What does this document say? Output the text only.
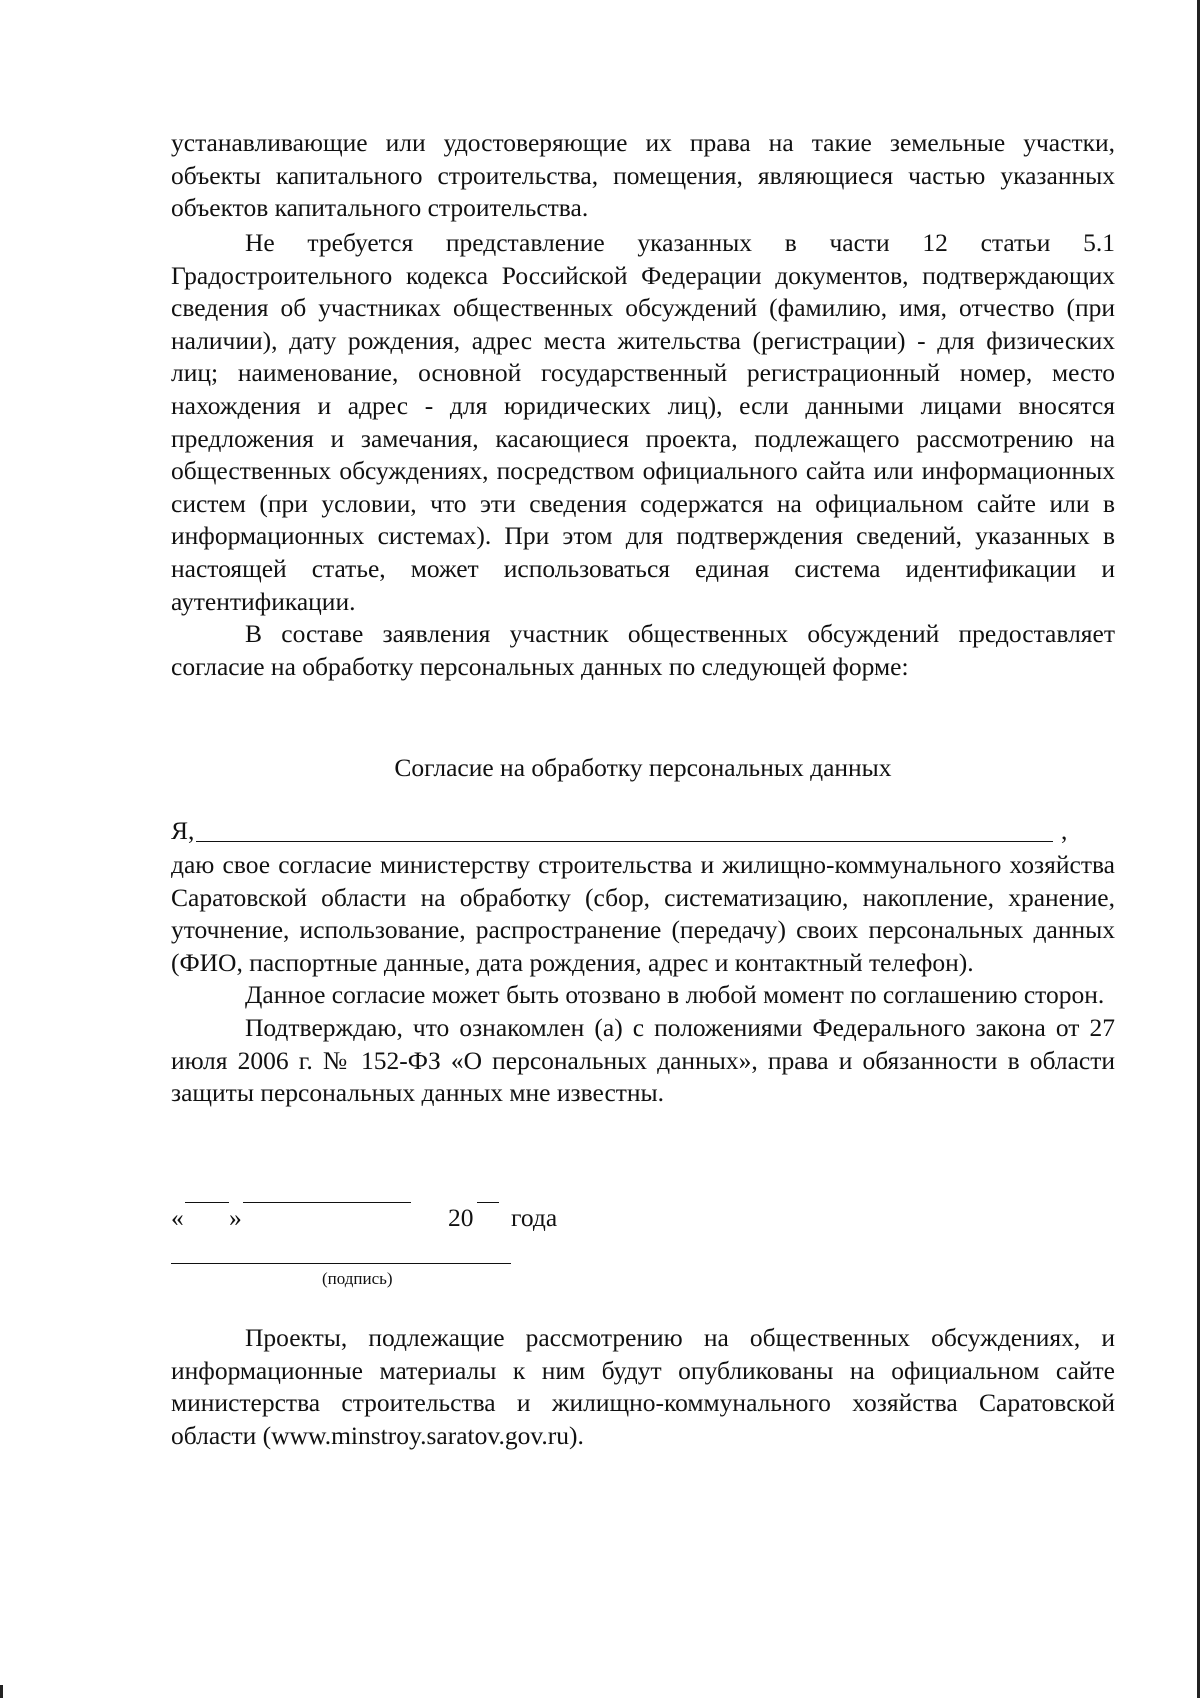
устанавливающие или удостоверяющие их права на такие земельные участки, объекты капитального строительства, помещения, являющиеся частью указанных объектов капитального строительства.

Не требуется представление указанных в части 12 статьи 5.1 Градостроительного кодекса Российской Федерации документов, подтверждающих сведения об участниках общественных обсуждений (фамилию, имя, отчество (при наличии), дату рождения, адрес места жительства (регистрации) - для физических лиц; наименование, основной государственный регистрационный номер, место нахождения и адрес - для юридических лиц), если данными лицами вносятся предложения и замечания, касающиеся проекта, подлежащего рассмотрению на общественных обсуждениях, посредством официального сайта или информационных систем (при условии, что эти сведения содержатся на официальном сайте или в информационных системах). При этом для подтверждения сведений, указанных в настоящей статье, может использоваться единая система идентификации и аутентификации.

В составе заявления участник общественных обсуждений предоставляет согласие на обработку персональных данных по следующей форме:

Согласие на обработку персональных данных
Я,	,

даю свое согласие министерству строительства и жилищно-коммунального хозяйства Саратовской области на обработку (сбор, систематизацию, накопление, хранение, уточнение, использование, распространение (передачу) своих персональных данных (ФИО, паспортные данные, дата рождения, адрес и контактный телефон).

Данное согласие может быть отозвано в любой момент по соглашению сторон.

Подтверждаю, что ознакомлен (а) с положениями Федерального закона от 27 июля 2006 г. № 152-ФЗ «О персональных данных», права и обязанности в области защиты персональных данных мне известны.

« »	20 года
(подпись)

Проекты, подлежащие рассмотрению на общественных обсуждениях, и информационные материалы к ним будут опубликованы на официальном сайте министерства строительства и жилищно-коммунального хозяйства Саратовской области (www.minstroy.saratov.gov.ru).
